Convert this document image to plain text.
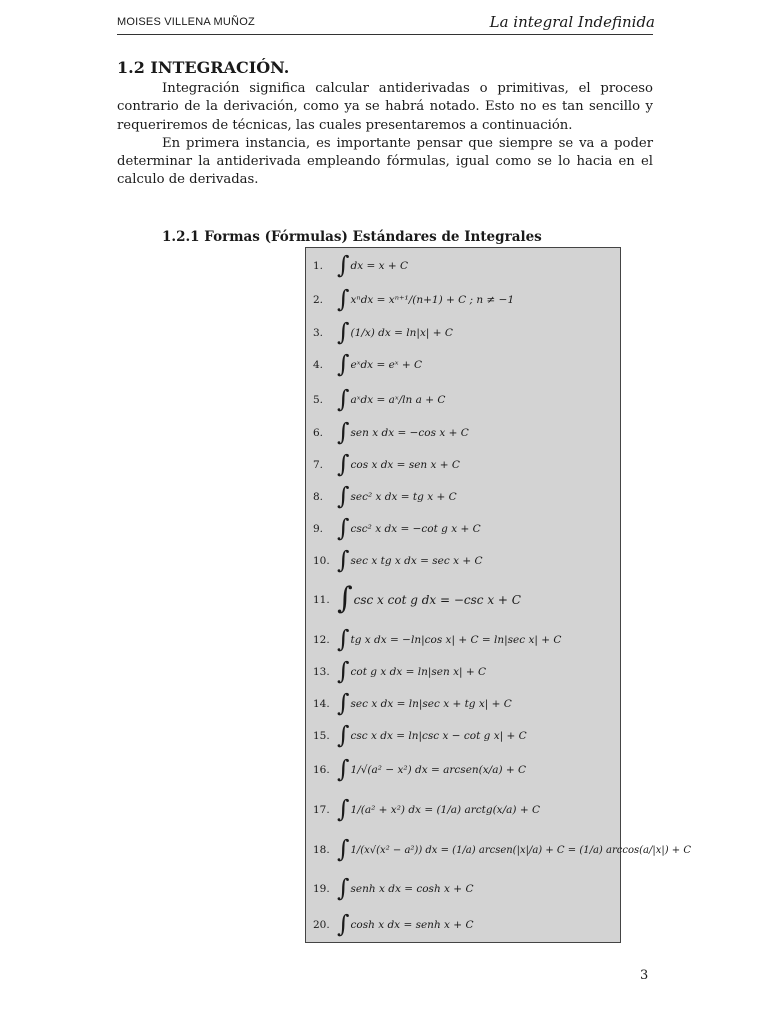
MOISES VILLENA MUÑOZ	La integral Indefinida
1.2 INTEGRACIÓN.

Integración significa calcular antiderivadas o primitivas, el proceso contrario de la derivación, como ya se habrá notado. Esto no es tan sencillo y requeriremos de técnicas, las cuales presentaremos a continuación.

En primera instancia, es importante pensar que siempre se va a poder determinar la antiderivada empleando fórmulas, igual como se lo hacia en el calculo de derivadas.

1.2.1 Formas (Fórmulas) Estándares de Integrales
1. ∫ dx = x + C
2. ∫ xⁿdx = xⁿ⁺¹/(n+1) + C ; n ≠ −1
3. ∫ (1/x) dx = ln|x| + C
4. ∫ eˣdx = eˣ + C
5. ∫ aˣdx = aˣ/ln a + C
6. ∫ sen x dx = −cos x + C
7. ∫ cos x dx = sen x + C
8. ∫ sec² x dx = tg x + C
9. ∫ csc² x dx = −cot g x + C
10. ∫ sec x tg x dx = sec x + C
11. ∫ csc x cot g dx = −csc x + C
12. ∫ tg x dx = −ln|cos x| + C = ln|sec x| + C
13. ∫ cot g x dx = ln|sen x| + C
14. ∫ sec x dx = ln|sec x + tg x| + C
15. ∫ csc x dx = ln|csc x − cot g x| + C
16. ∫ 1/√(a² − x²) dx = arcsen(x/a) + C
17. ∫ 1/(a² + x²) dx = (1/a) arctg(x/a) + C
18. ∫ 1/(x√(x² − a²)) dx = (1/a) arcsen(|x|/a) + C = (1/a) arccos(a/|x|) + C
19. ∫ senh x dx = cosh x + C
20. ∫ cosh x dx = senh x + C
3
